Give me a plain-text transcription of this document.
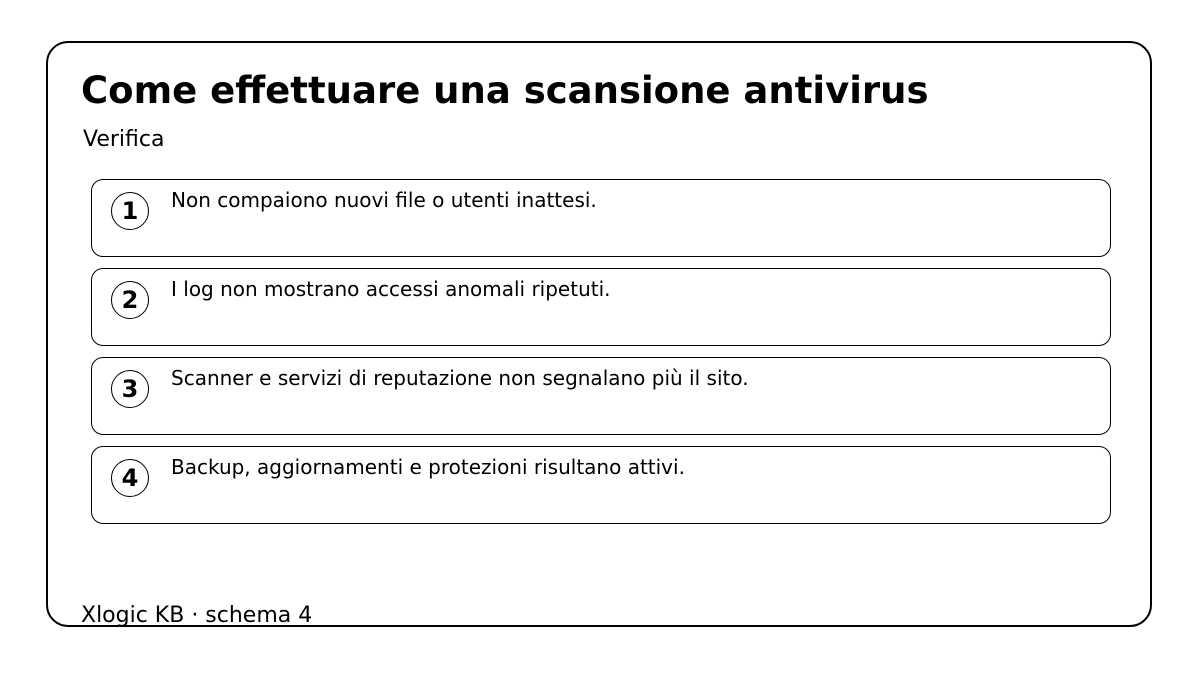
Come effettuare una scansione antivirus
Verifica
1	Non compaiono nuovi file o utenti inattesi.
2	I log non mostrano accessi anomali ripetuti.
3	Scanner e servizi di reputazione non segnalano più il sito.
4	Backup, aggiornamenti e protezioni risultano attivi.
Xlogic KB · schema 4
